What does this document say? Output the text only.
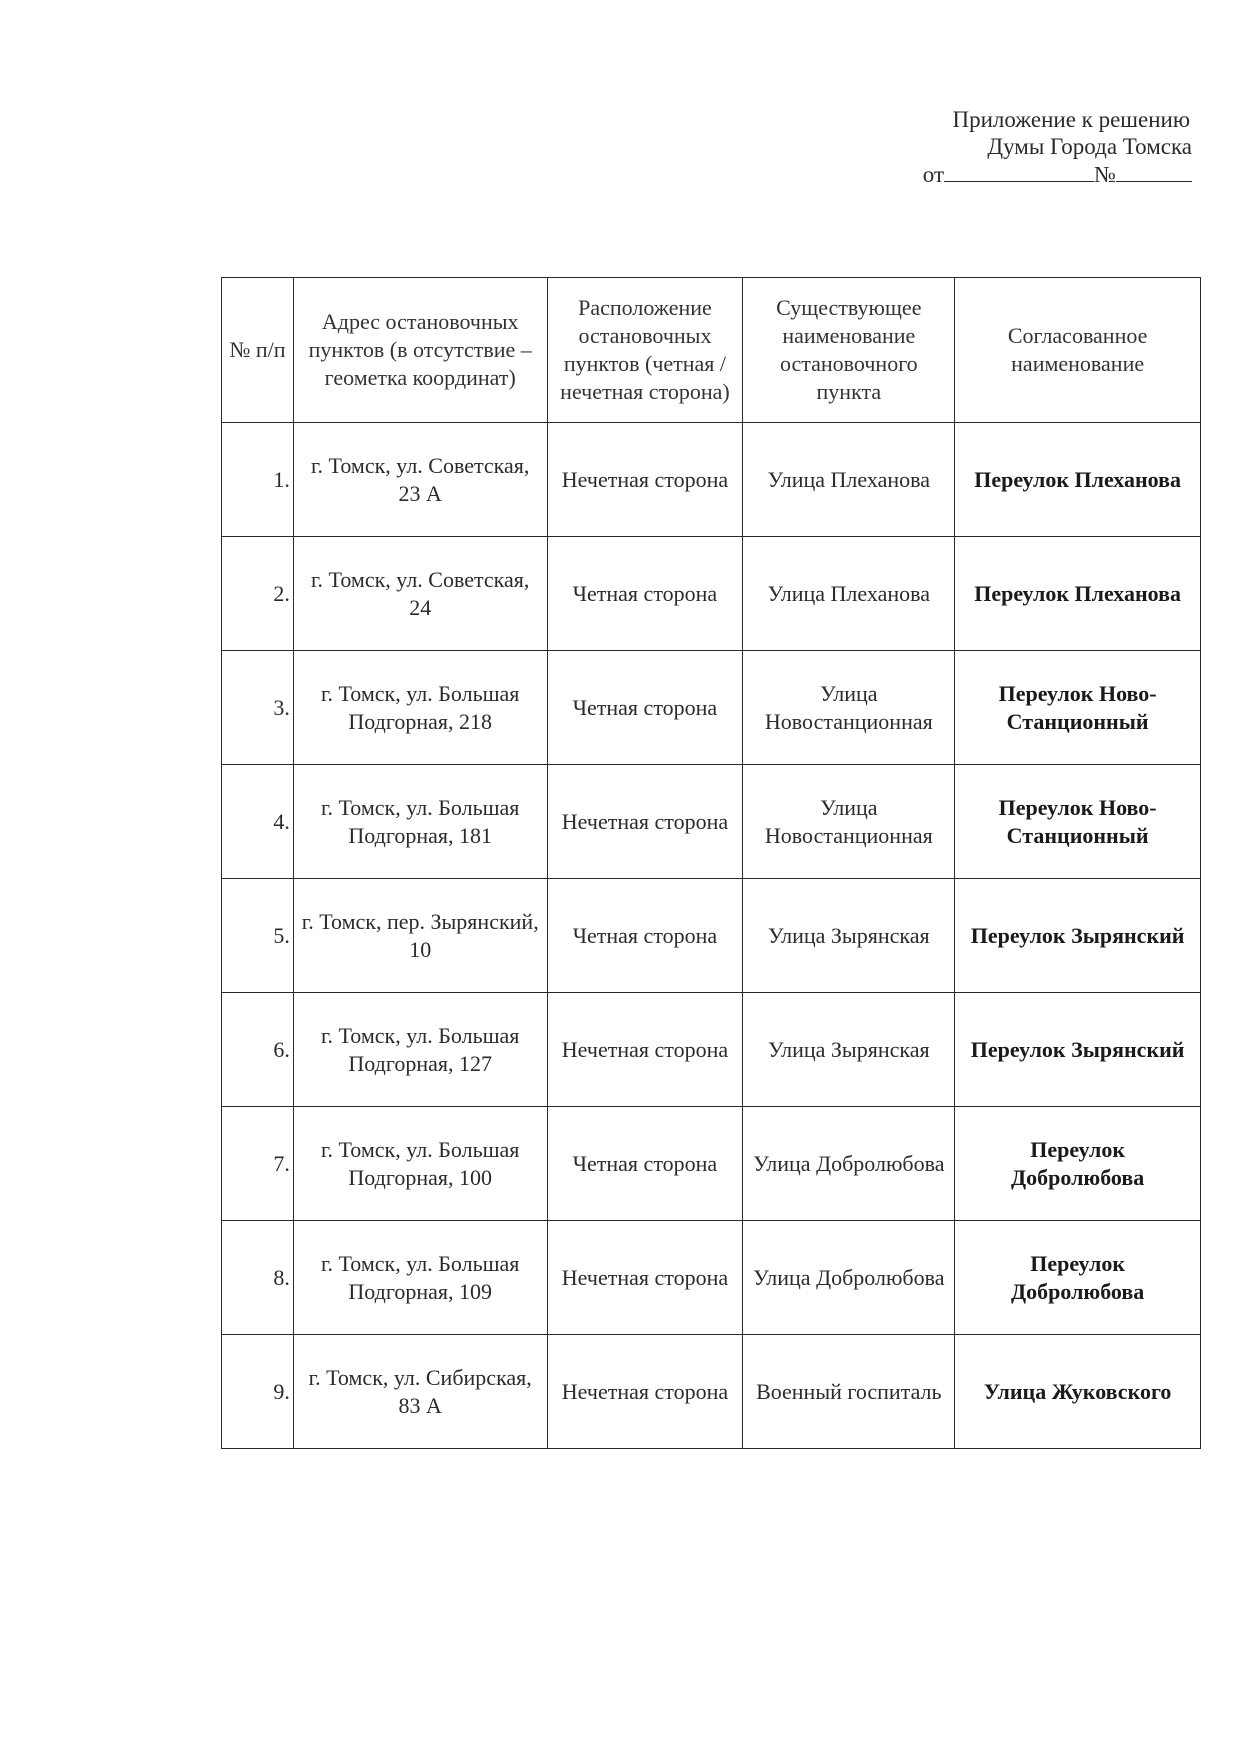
Приложение к решению
Думы Города Томска
от	№
№ п/п	Адрес остановочных пунктов (в отсутствие – геометка координат)	Расположение остановочных пунктов (четная / нечетная сторона)	Существующее наименование остановочного пункта	Согласованное наименование
1.	г. Томск, ул. Советская, 23 А	Нечетная сторона	Улица Плеханова	Переулок Плеханова
2.	г. Томск, ул. Советская, 24	Четная сторона	Улица Плеханова	Переулок Плеханова
3.	г. Томск, ул. Большая Подгорная, 218	Четная сторона	Улица Новостанционная	Переулок Ново-Станционный
4.	г. Томск, ул. Большая Подгорная, 181	Нечетная сторона	Улица Новостанционная	Переулок Ново-Станционный
5.	г. Томск, пер. Зырянский, 10	Четная сторона	Улица Зырянская	Переулок Зырянский
6.	г. Томск, ул. Большая Подгорная, 127	Нечетная сторона	Улица Зырянская	Переулок Зырянский
7.	г. Томск, ул. Большая Подгорная, 100	Четная сторона	Улица Добролюбова	Переулок Добролюбова
8.	г. Томск, ул. Большая Подгорная, 109	Нечетная сторона	Улица Добролюбова	Переулок Добролюбова
9.	г. Томск, ул. Сибирская, 83 А	Нечетная сторона	Военный госпиталь	Улица Жуковского
